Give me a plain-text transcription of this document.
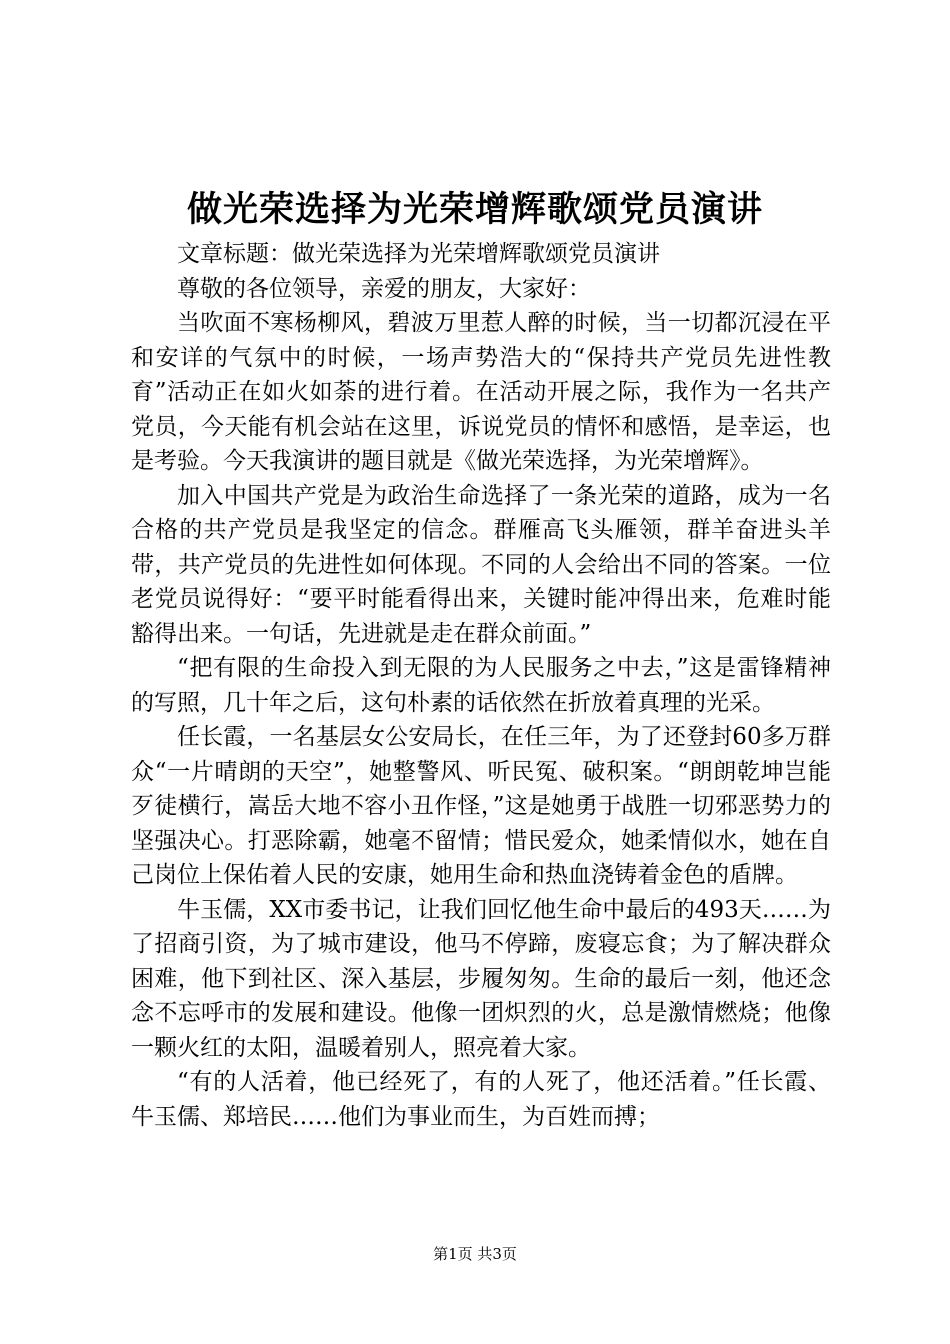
做光荣选择为光荣增辉歌颂党员演讲

文章标题：做光荣选择为光荣增辉歌颂党员演讲

尊敬的各位领导，亲爱的朋友，大家好：

当吹面不寒杨柳风，碧波万里惹人醉的时候，当一切都沉浸在平和安详的气氛中的时候，一场声势浩大的“保持共产党员先进性教育”活动正在如火如荼的进行着。在活动开展之际，我作为一名共产党员，今天能有机会站在这里，诉说党员的情怀和感悟，是幸运，也是考验。今天我演讲的题目就是《做光荣选择，为光荣增辉》。

加入中国共产党是为政治生命选择了一条光荣的道路，成为一名合格的共产党员是我坚定的信念。群雁高飞头雁领，群羊奋进头羊带，共产党员的先进性如何体现。不同的人会给出不同的答案。一位老党员说得好：“要平时能看得出来，关键时能冲得出来，危难时能豁得出来。一句话，先进就是走在群众前面。”

“把有限的生命投入到无限的为人民服务之中去，”这是雷锋精神的写照，几十年之后，这句朴素的话依然在折放着真理的光采。

任长霞，一名基层女公安局长，在任三年，为了还登封60多万群众“一片晴朗的天空”，她整警风、听民冤、破积案。“朗朗乾坤岂能歹徒横行，嵩岳大地不容小丑作怪，”这是她勇于战胜一切邪恶势力的坚强决心。打恶除霸，她毫不留情；惜民爱众，她柔情似水，她在自己岗位上保佑着人民的安康，她用生命和热血浇铸着金色的盾牌。

牛玉儒，XX市委书记，让我们回忆他生命中最后的493天……为了招商引资，为了城市建设，他马不停蹄，废寝忘食；为了解决群众困难，他下到社区、深入基层，步履匆匆。生命的最后一刻，他还念念不忘呼市的发展和建设。他像一团炽烈的火，总是激情燃烧；他像一颗火红的太阳，温暖着别人，照亮着大家。

“有的人活着，他已经死了，有的人死了，他还活着。”任长霞、牛玉儒、郑培民……他们为事业而生，为百姓而搏；

第1页 共3页
